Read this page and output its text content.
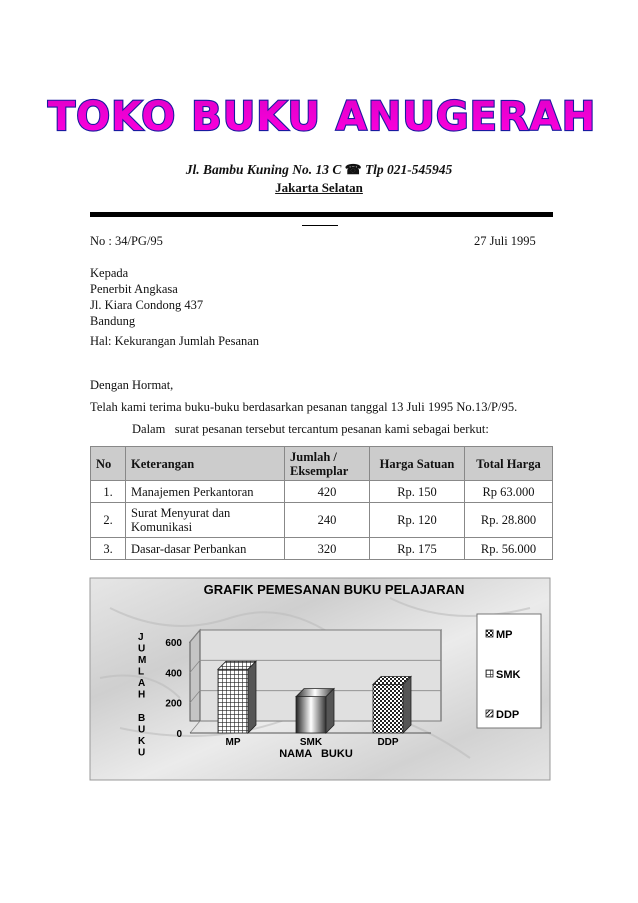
TOKO BUKU ANUGERAH
Jl. Bambu Kuning No. 13 C ☎ Tlp 021-545945
Jakarta Selatan
No : 34/PG/95	27 Juli 1995
Kepada
Penerbit Angkasa
Jl. Kiara Condong 437
Bandung
Hal: Kekurangan Jumlah Pesanan
Dengan Hormat,
Telah kami terima buku-buku berdasarkan pesanan tanggal 13 Juli 1995 No.13/P/95.
Dalam   surat pesanan tersebut tercantum pesanan kami sebagai berkut:
No	Keterangan	Jumlah / Eksemplar	Harga Satuan	Total Harga
1.	Manajemen Perkantoran	420	Rp. 150	Rp 63.000
2.	Surat Menyurat dan Komunikasi	240	Rp. 120	Rp. 28.800
3.	Dasar-dasar Perbankan	320	Rp. 175	Rp. 56.000
GRAFIK PEMESANAN BUKU PELAJARAN
J U M L A H B U K U
0
200
400
600
MP	SMK	DDP
NAMA   BUKU
MP
SMK
DDP
